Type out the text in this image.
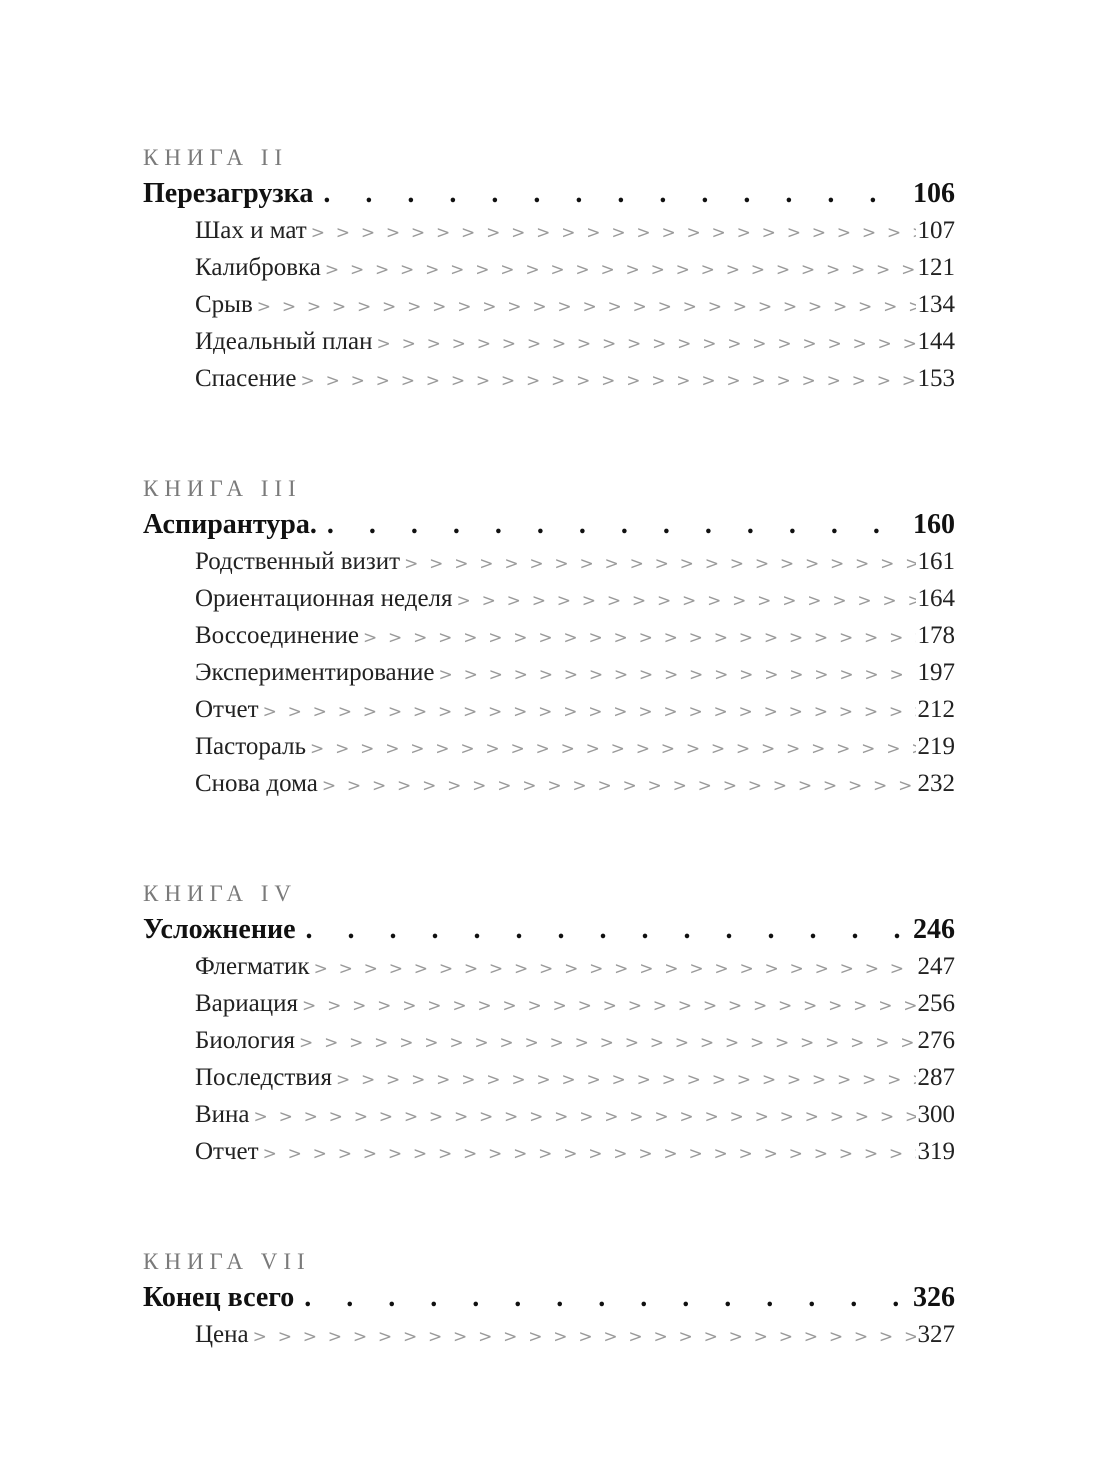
КНИГА II
Перезагрузка . .	106
Шах и мат > > > > > > > > > > > > > > > > > > > > > > > > > > > > > > > > > > > > > > > >	107
Калибровка > > > > > > > > > > > > > > > > > > > > > > > > > > > > > > > > > > > > > > > >	121
Срыв > > > > > > > > > > > > > > > > > > > > > > > > > > > > > > > > > > > > > > > >	134
Идеальный план > > > > > > > > > > > > > > > > > > > > > > > > > > > > > > > > > > > > > > > >	144
Спасение > > > > > > > > > > > > > > > > > > > > > > > > > > > > > > > > > > > > > > > >	153
КНИГА III
Аспирантура. . .	160
Родственный визит > > > > > > > > > > > > > > > > > > > > > > > > > > > > > > > > > > > > > > > >	161
Ориентационная неделя > > > > > > > > > > > > > > > > > > > > > > > > > > > > > > > > > > > > > > > >	164
Воссоединение > > > > > > > > > > > > > > > > > > > > > > > > > > > > > > > > > > > > > > > >	178
Экспериментирование > > > > > > > > > > > > > > > > > > > > > > > > > > > > > > > > > > > > > > > >	197
Отчет > > > > > > > > > > > > > > > > > > > > > > > > > > > > > > > > > > > > > > > >	212
Пастораль > > > > > > > > > > > > > > > > > > > > > > > > > > > > > > > > > > > > > > > >	219
Снова дома > > > > > > > > > > > > > > > > > > > > > > > > > > > > > > > > > > > > > > > >	232
КНИГА IV
Усложнение . .	246
Флегматик > > > > > > > > > > > > > > > > > > > > > > > > > > > > > > > > > > > > > > > >	247
Вариация > > > > > > > > > > > > > > > > > > > > > > > > > > > > > > > > > > > > > > > >	256
Биология > > > > > > > > > > > > > > > > > > > > > > > > > > > > > > > > > > > > > > > >	276
Последствия > > > > > > > > > > > > > > > > > > > > > > > > > > > > > > > > > > > > > > > >	287
Вина > > > > > > > > > > > > > > > > > > > > > > > > > > > > > > > > > > > > > > > >	300
Отчет > > > > > > > > > > > > > > > > > > > > > > > > > > > > > > > > > > > > > > > >	319
КНИГА VII
Конец всего . .	326
Цена > > > > > > > > > > > > > > > > > > > > > > > > > > > > > > > > > > > > > > > >	327
